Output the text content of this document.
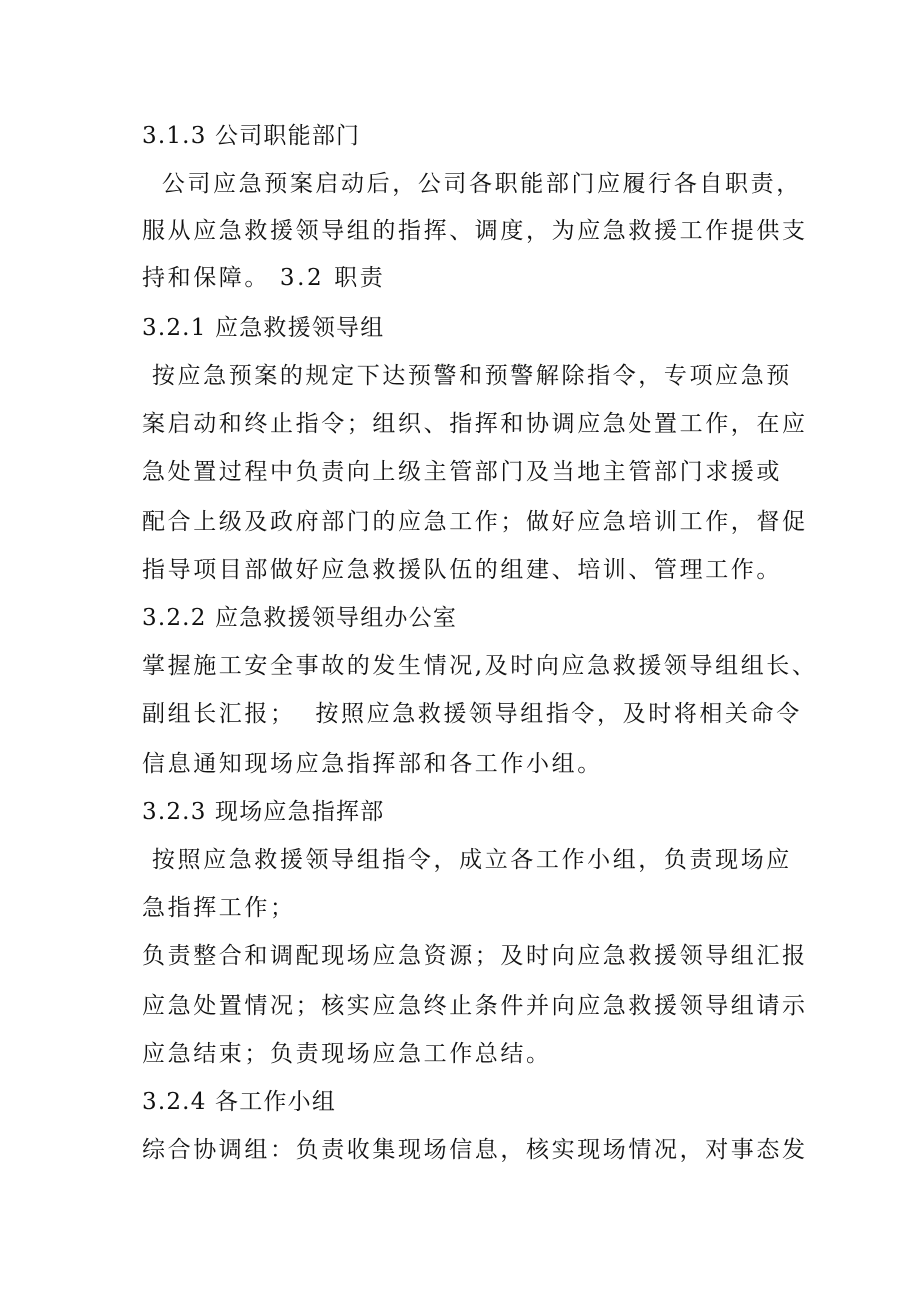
3.1.3 公司职能部门
公司应急预案启动后，公司各职能部门应履行各自职责，
服从应急救援领导组的指挥、调度，为应急救援工作提供支
持和保障。 3.2 职责
3.2.1 应急救援领导组
按应急预案的规定下达预警和预警解除指令，专项应急预
案启动和终止指令；组织、指挥和协调应急处置工作，在应
急处置过程中负责向上级主管部门及当地主管部门求援或
配合上级及政府部门的应急工作；做好应急培训工作，督促
指导项目部做好应急救援队伍的组建、培训、管理工作。
3.2.2 应急救援领导组办公室
掌握施工安全事故的发生情况,及时向应急救援领导组组长、
副组长汇报；  按照应急救援领导组指令，及时将相关命令
信息通知现场应急指挥部和各工作小组。
3.2.3 现场应急指挥部
按照应急救援领导组指令，成立各工作小组，负责现场应
急指挥工作；
负责整合和调配现场应急资源；及时向应急救援领导组汇报
应急处置情况；核实应急终止条件并向应急救援领导组请示
应急结束；负责现场应急工作总结。
3.2.4 各工作小组
综合协调组：负责收集现场信息，核实现场情况，对事态发
